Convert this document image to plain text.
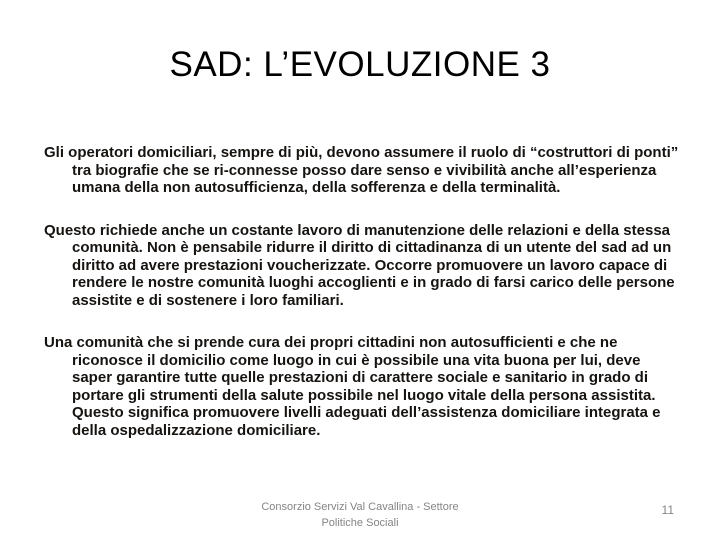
SAD: L’EVOLUZIONE 3

Gli operatori domiciliari, sempre di più, devono assumere il ruolo di “costruttori di ponti” tra biografie che se ri-connesse posso dare senso e vivibilità anche all’esperienza umana della non autosufficienza, della sofferenza e della terminalità.

Questo richiede anche un costante lavoro di manutenzione delle relazioni e della stessa comunità. Non è pensabile ridurre il diritto di cittadinanza di un utente del sad ad un diritto ad avere prestazioni voucherizzate. Occorre promuovere un lavoro capace di rendere le nostre comunità luoghi accoglienti e in grado di farsi carico delle persone assistite e di sostenere i loro familiari.

Una comunità che si prende cura dei propri cittadini non autosufficienti e che ne riconosce il domicilio come luogo in cui è possibile una vita buona per lui, deve saper garantire tutte quelle prestazioni di carattere sociale e sanitario in grado di portare gli strumenti della salute possibile nel luogo vitale della persona assistita. Questo significa promuovere livelli adeguati dell’assistenza domiciliare integrata e della ospedalizzazione domiciliare.

Consorzio Servizi Val Cavallina - Settore Politiche Sociali
11
